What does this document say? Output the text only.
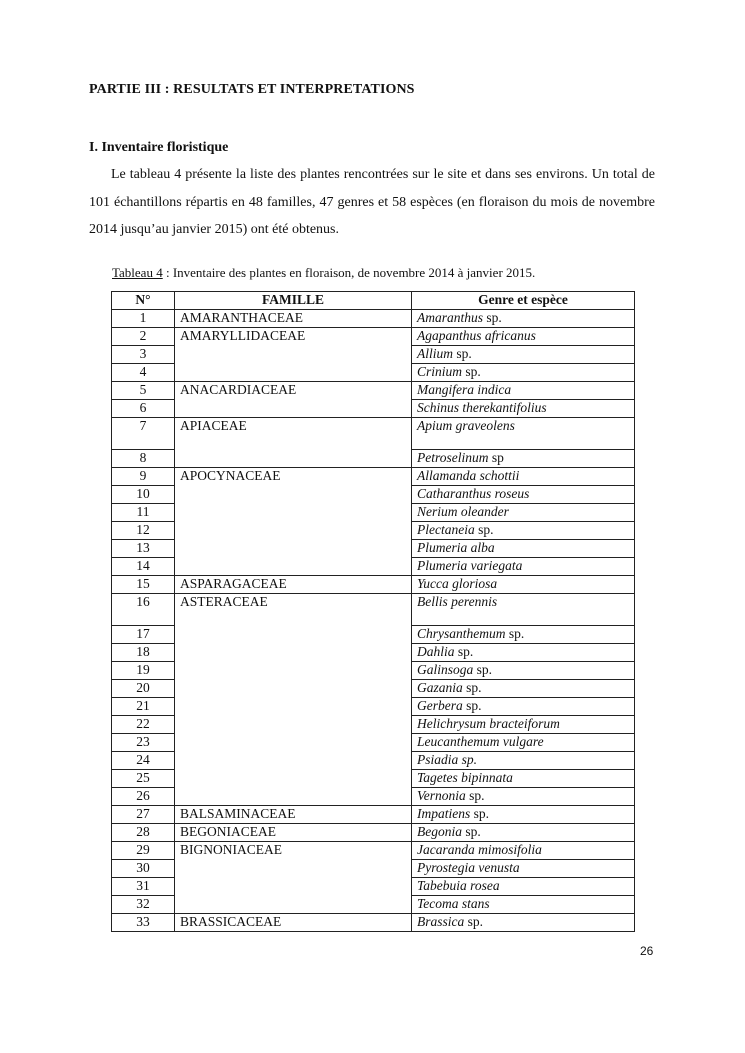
PARTIE III : RESULTATS ET INTERPRETATIONS
I. Inventaire floristique
Le tableau 4 présente la liste des plantes rencontrées sur le site et dans ses environs. Un total de 101 échantillons répartis en 48 familles, 47 genres et 58 espèces (en floraison du mois de novembre 2014 jusqu’au janvier 2015) ont été obtenus.
Tableau 4 : Inventaire des plantes en floraison, de novembre 2014 à janvier 2015.
N°	FAMILLE	Genre et espèce
1	AMARANTHACEAE	Amaranthus sp.
2	AMARYLLIDACEAE	Agapanthus africanus
3		Allium sp.
4		Crinium sp.
5	ANACARDIACEAE	Mangifera indica
6		Schinus therekantifolius
7	APIACEAE	Apium graveolens
8		Petroselinum sp
9	APOCYNACEAE	Allamanda schottii
10		Catharanthus roseus
11		Nerium oleander
12		Plectaneia sp.
13		Plumeria alba
14		Plumeria variegata
15	ASPARAGACEAE	Yucca gloriosa
16	ASTERACEAE	Bellis perennis
17		Chrysanthemum sp.
18		Dahlia sp.
19		Galinsoga sp.
20		Gazania sp.
21		Gerbera sp.
22		Helichrysum bracteiforum
23		Leucanthemum vulgare
24		Psiadia sp.
25		Tagetes bipinnata
26		Vernonia sp.
27	BALSAMINACEAE	Impatiens sp.
28	BEGONIACEAE	Begonia sp.
29	BIGNONIACEAE	Jacaranda mimosifolia
30		Pyrostegia venusta
31		Tabebuia rosea
32		Tecoma stans
33	BRASSICACEAE	Brassica sp.
26
